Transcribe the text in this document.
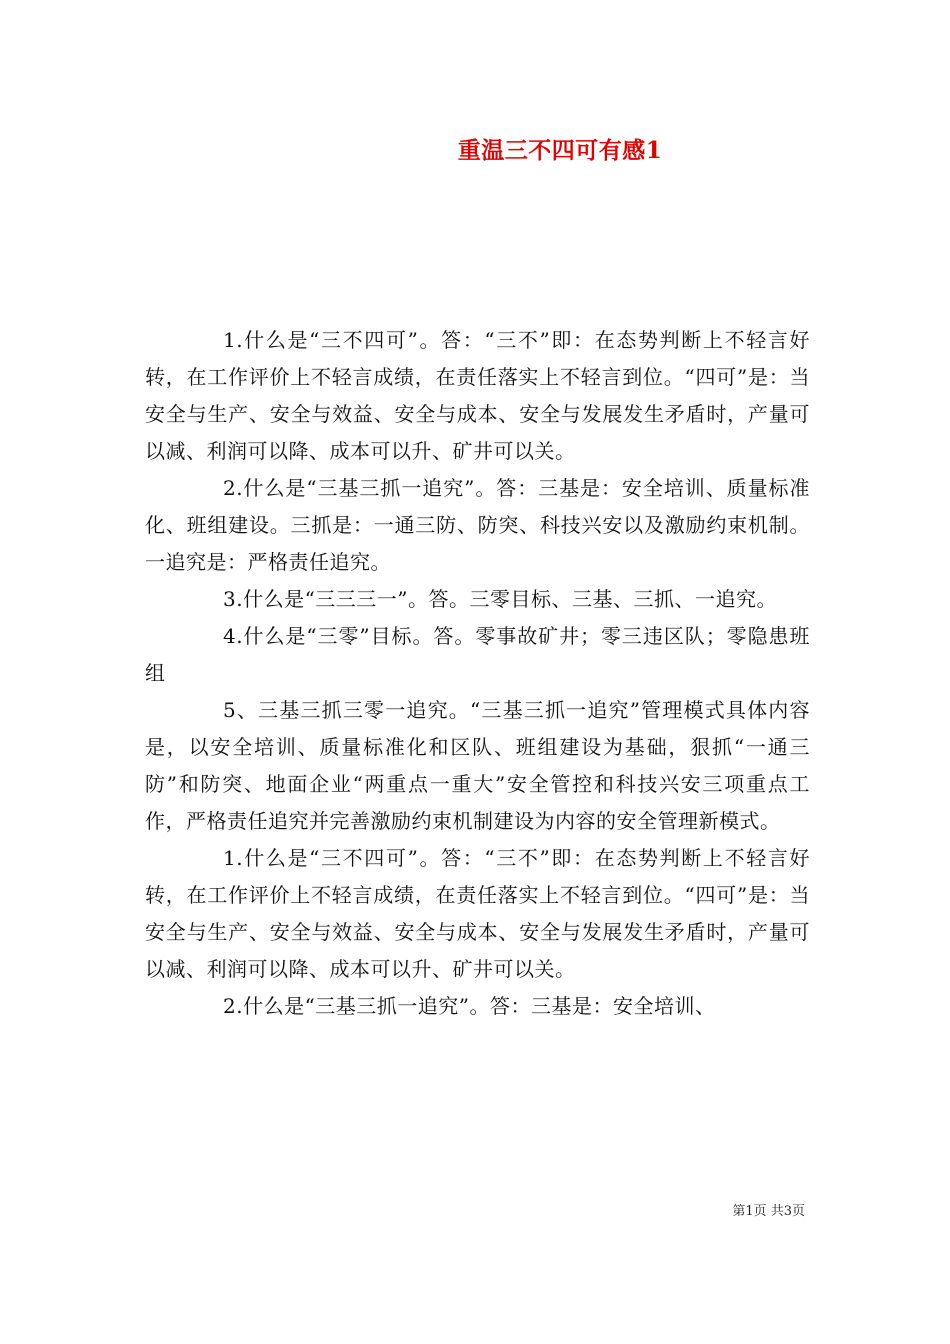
重温三不四可有感1

1.什么是“三不四可”。答：“三不”即：在态势判断上不轻言好转，在工作评价上不轻言成绩，在责任落实上不轻言到位。“四可”是：当安全与生产、安全与效益、安全与成本、安全与发展发生矛盾时，产量可以减、利润可以降、成本可以升、矿井可以关。

2.什么是“三基三抓一追究”。答：三基是：安全培训、质量标准化、班组建设。三抓是：一通三防、防突、科技兴安以及激励约束机制。一追究是：严格责任追究。

3.什么是“三三三一”。答。三零目标、三基、三抓、一追究。

4.什么是“三零”目标。答。零事故矿井；零三违区队；零隐患班组

5、三基三抓三零一追究。“三基三抓一追究”管理模式具体内容是，以安全培训、质量标准化和区队、班组建设为基础，狠抓“一通三防”和防突、地面企业“两重点一重大”安全管控和科技兴安三项重点工作，严格责任追究并完善激励约束机制建设为内容的安全管理新模式。

1.什么是“三不四可”。答：“三不”即：在态势判断上不轻言好转，在工作评价上不轻言成绩，在责任落实上不轻言到位。“四可”是：当安全与生产、安全与效益、安全与成本、安全与发展发生矛盾时，产量可以减、利润可以降、成本可以升、矿井可以关。

2.什么是“三基三抓一追究”。答：三基是：安全培训、

第1页 共3页
